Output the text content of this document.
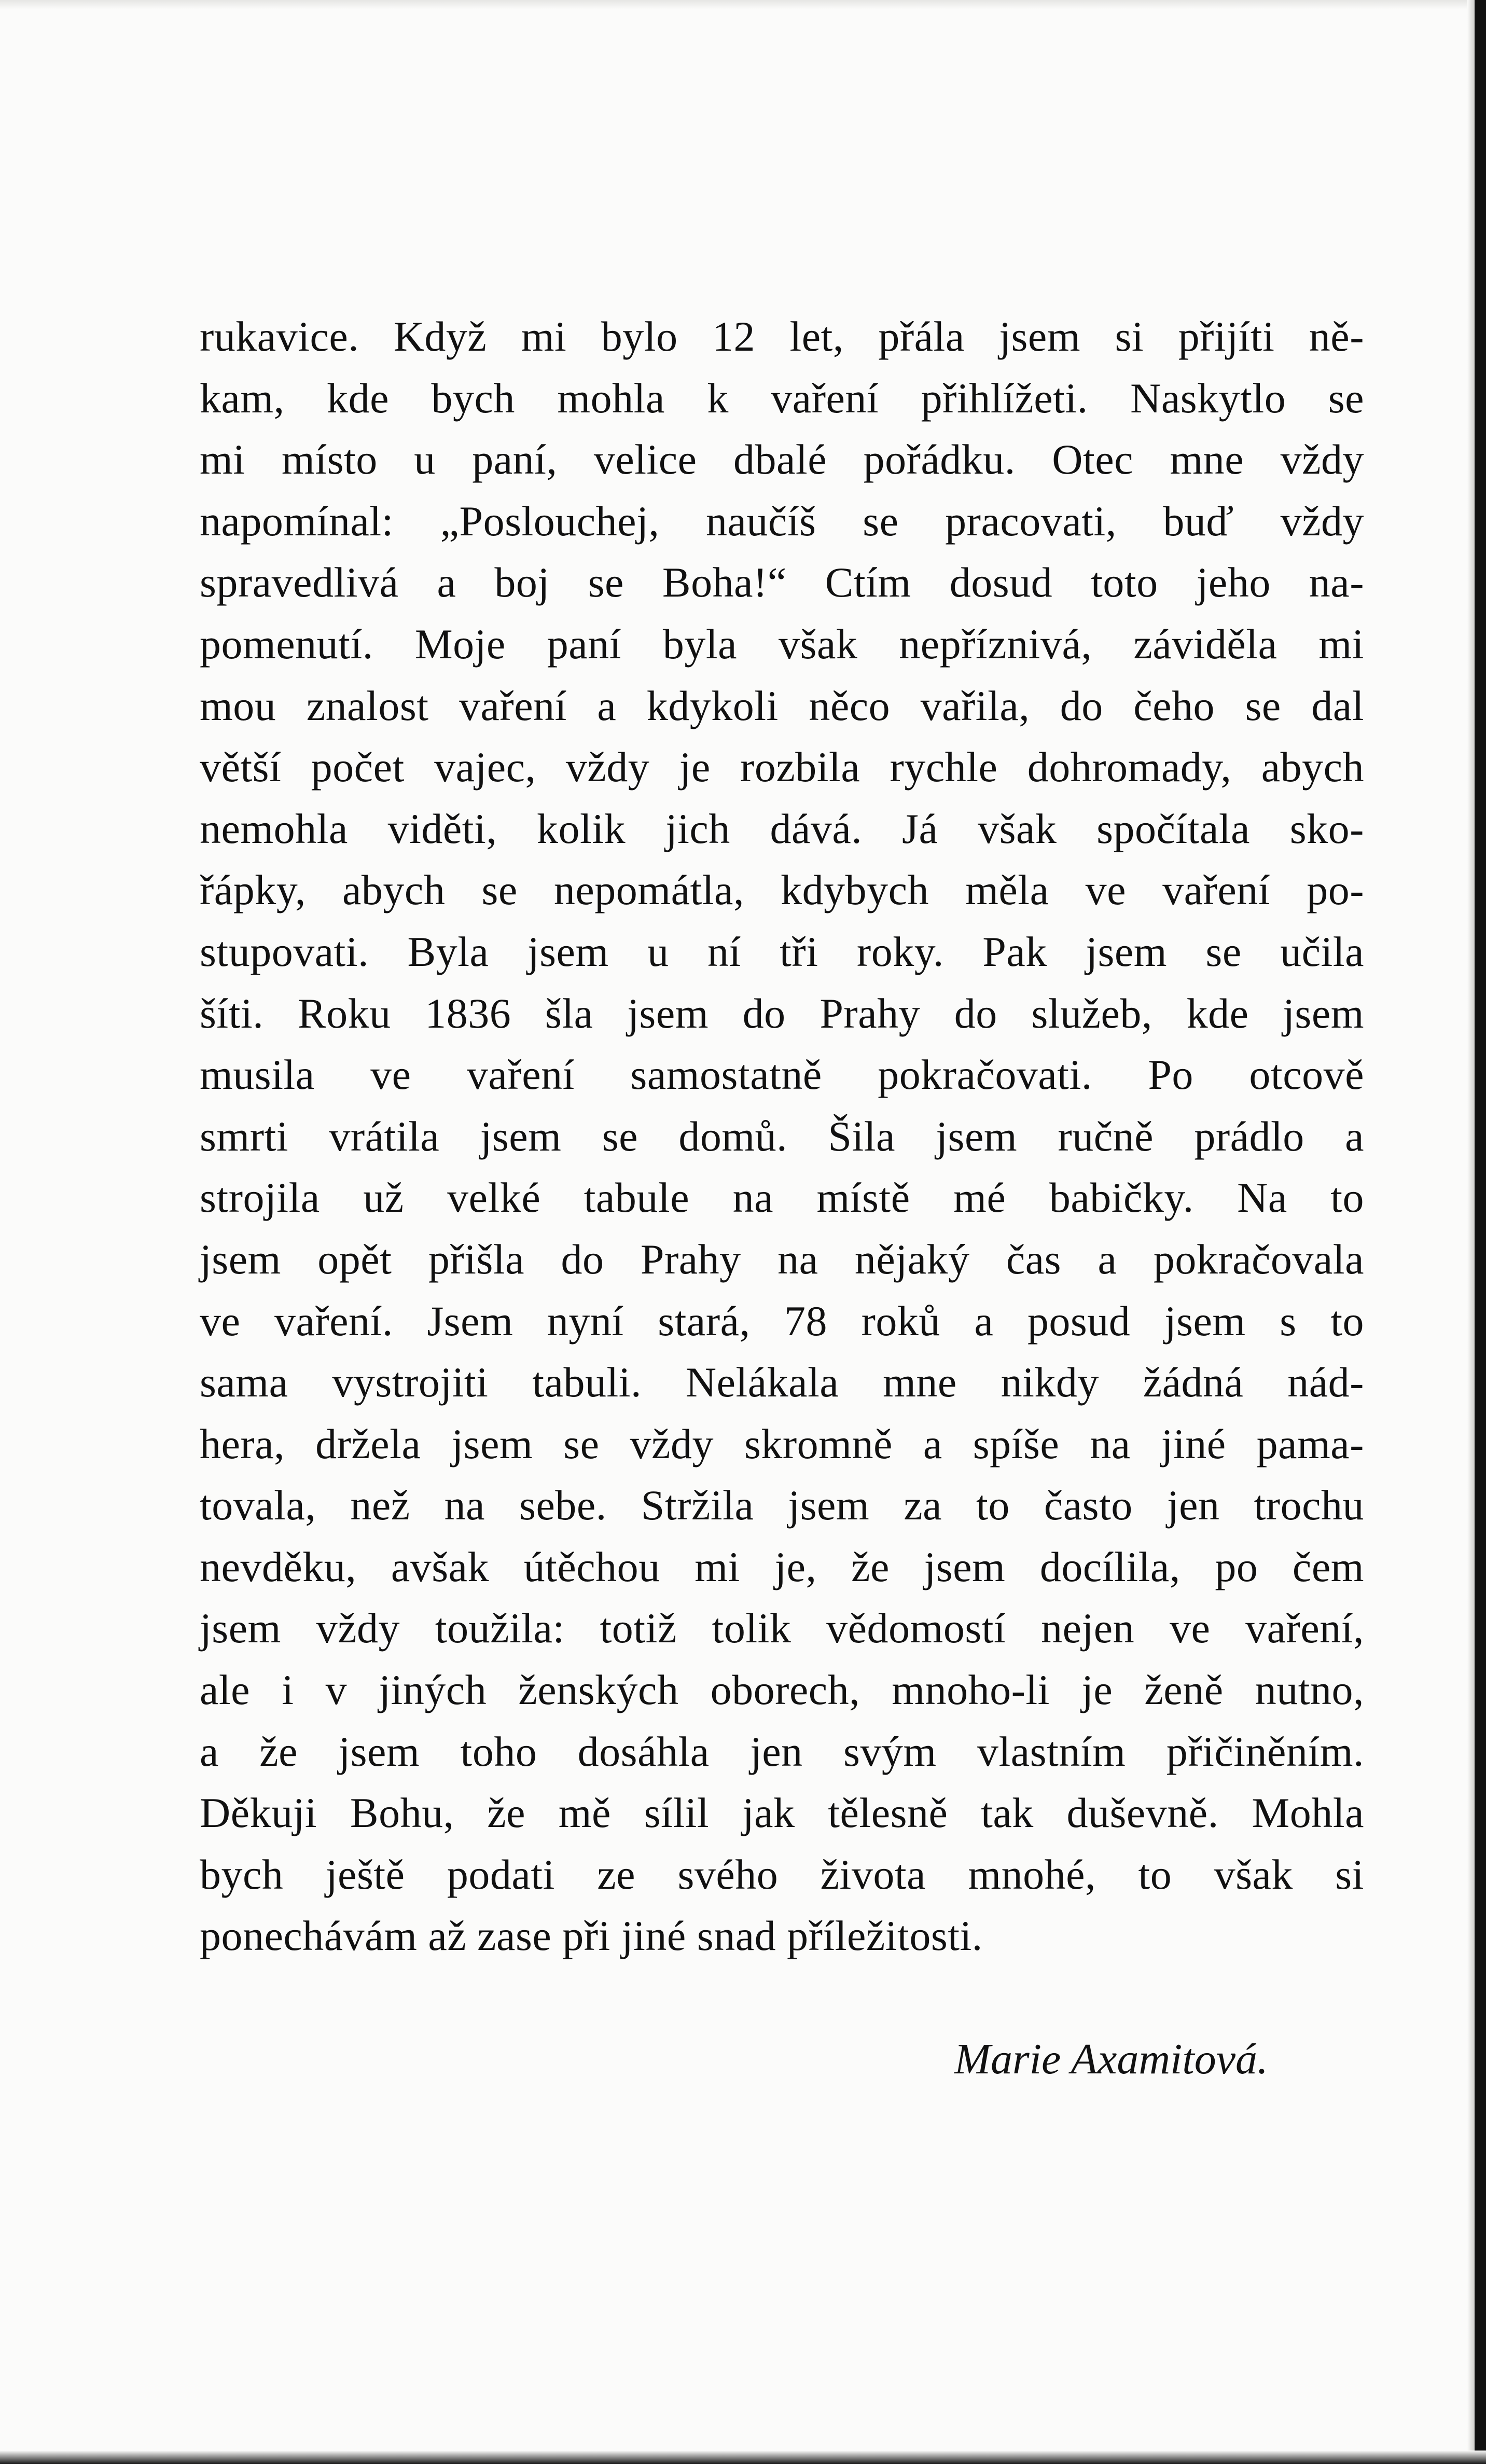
rukavice. Když mi bylo 12 let, přála jsem si přijíti ně-
kam, kde bych mohla k vaření přihlížeti. Naskytlo se
mi místo u paní, velice dbalé pořádku. Otec mne vždy
napomínal: „Poslouchej, naučíš se pracovati, buď vždy
spravedlivá a boj se Boha!“ Ctím dosud toto jeho na-
pomenutí. Moje paní byla však nepříznivá, záviděla mi
mou znalost vaření a kdykoli něco vařila, do čeho se dal
větší počet vajec, vždy je rozbila rychle dohromady, abych
nemohla viděti, kolik jich dává. Já však spočítala sko-
řápky, abych se nepomátla, kdybych měla ve vaření po-
stupovati. Byla jsem u ní tři roky. Pak jsem se učila
šíti. Roku 1836 šla jsem do Prahy do služeb, kde jsem
musila ve vaření samostatně pokračovati. Po otcově
smrti vrátila jsem se domů. Šila jsem ručně prádlo a
strojila už velké tabule na místě mé babičky. Na to
jsem opět přišla do Prahy na nějaký čas a pokračovala
ve vaření. Jsem nyní stará, 78 roků a posud jsem s to
sama vystrojiti tabuli. Nelákala mne nikdy žádná nád-
hera, držela jsem se vždy skromně a spíše na jiné pama-
tovala, než na sebe. Stržila jsem za to často jen trochu
nevděku, avšak útěchou mi je, že jsem docílila, po čem
jsem vždy toužila: totiž tolik vědomostí nejen ve vaření,
ale i v jiných ženských oborech, mnoho-li je ženě nutno,
a že jsem toho dosáhla jen svým vlastním přičiněním.
Děkuji Bohu, že mě sílil jak tělesně tak duševně. Mohla
bych ještě podati ze svého života mnohé, to však si
ponechávám až zase při jiné snad příležitosti.
Marie Axamitová.
